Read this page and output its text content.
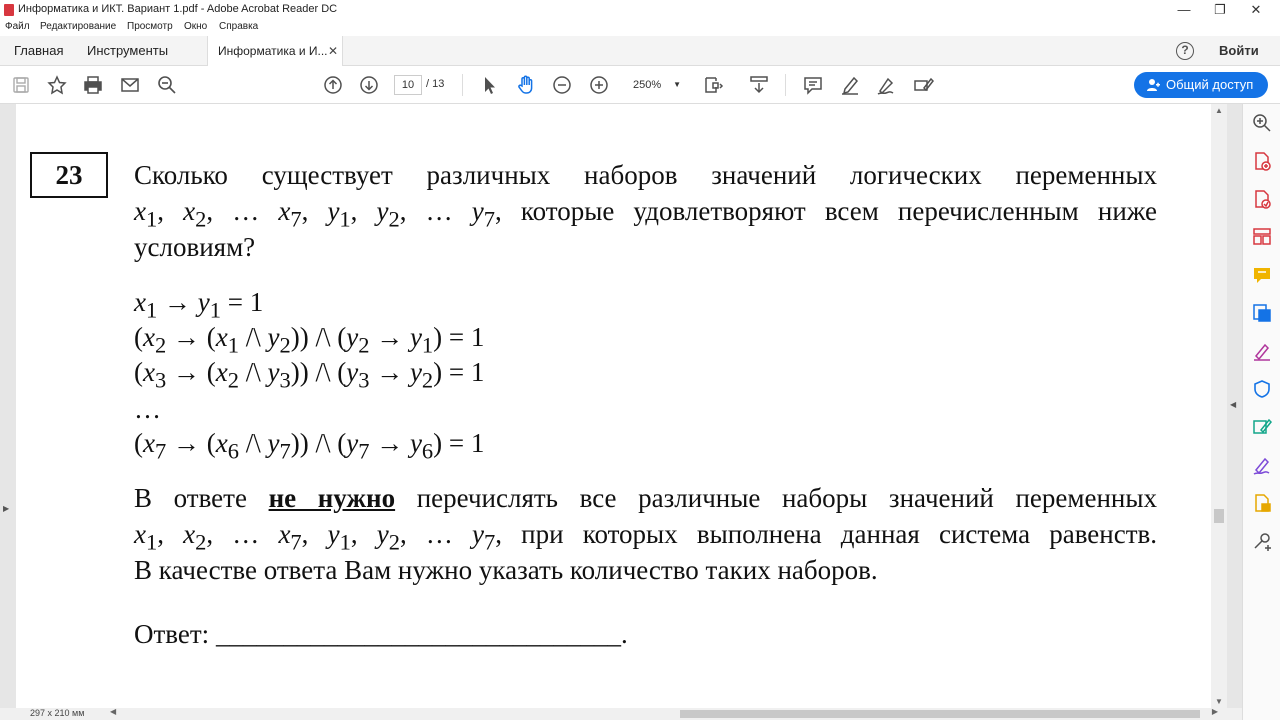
Информатика и ИКТ. Вариант 1.pdf - Adobe Acrobat Reader DC	—	❐	✕
Файл Редактирование Просмотр Окно Справка
Главная Инструменты	Информатика и И... ✕	?	Войти
10	/ 13	250% ▼	Общий доступ
▶
23	Сколько существует различных наборов значений логических переменных
$x_1$, $x_2$, … $x_7$, $y_1$, $y_2$, … $y_7$, которые удовлетворяют всем перечисленным ниже
условиям?
$x_1 \to y_1 = 1$
($x_2 \to (x_1$ /\ $y_2$)) /\ $(y_2 \to y_1) = 1$
($x_3 \to (x_2$ /\ $y_3$)) /\ $(y_3 \to y_2) = 1$
…
($x_7 \to (x_6$ /\ $y_7$)) /\ $(y_7 \to y_6) = 1$
В ответе не нужно перечислять все различные наборы значений переменных
$x_1$, $x_2$, … $x_7$, $y_1$, $y_2$, … $y_7$, при которых выполнена данная система равенств.
В качестве ответа Вам нужно указать количество таких наборов.
Ответ: ______________________________.
▲
▼
◀
297 x 210 мм	◀	▶
